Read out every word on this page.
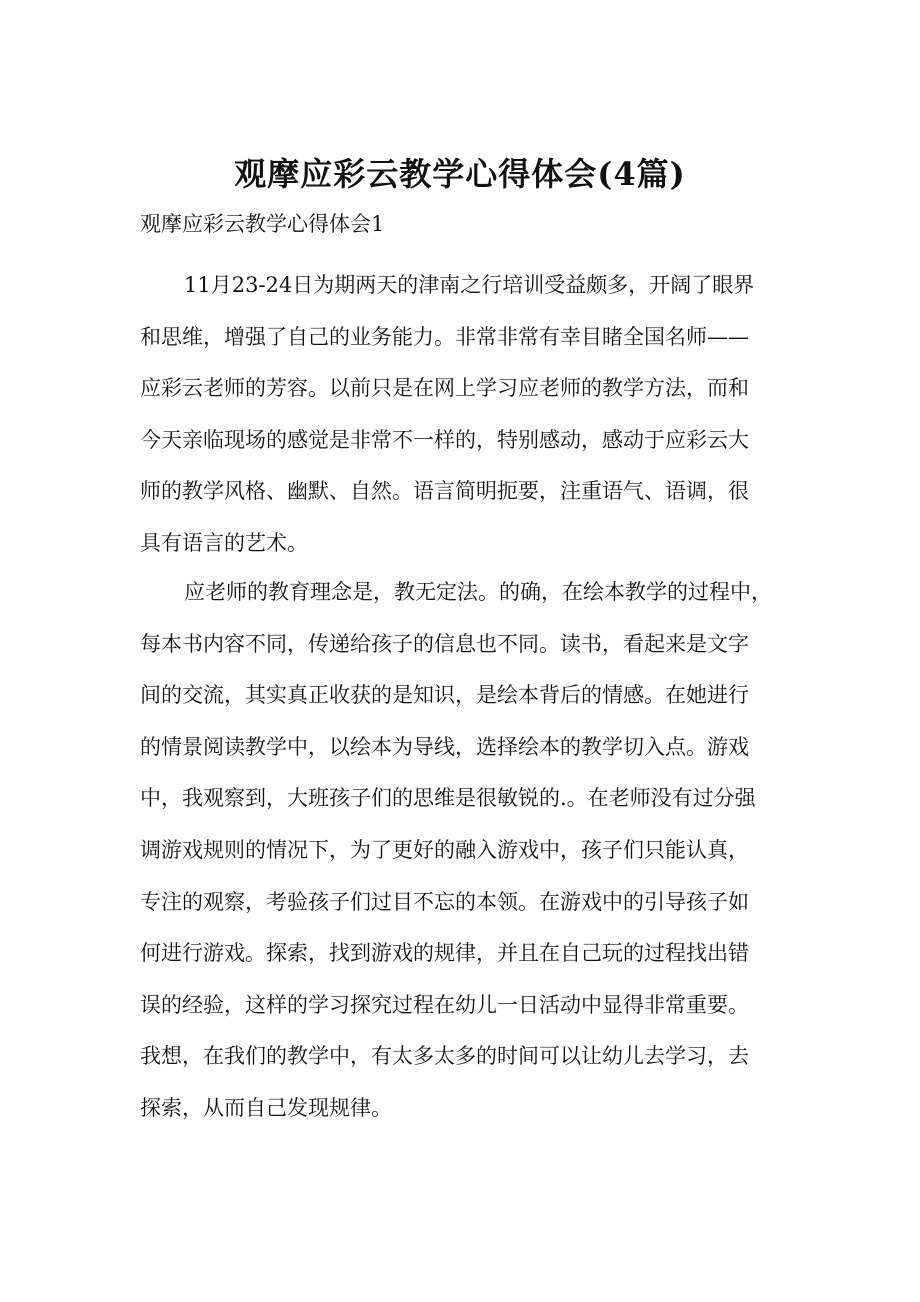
观摩应彩云教学心得体会(4篇)

观摩应彩云教学心得体会1

11月23-24日为期两天的津南之行培训受益颇多，开阔了眼界
和思维，增强了自己的业务能力。非常非常有幸目睹全国名师——
应彩云老师的芳容。以前只是在网上学习应老师的教学方法，而和
今天亲临现场的感觉是非常不一样的，特别感动，感动于应彩云大
师的教学风格、幽默、自然。语言简明扼要，注重语气、语调，很
具有语言的艺术。
应老师的教育理念是，教无定法。的确，在绘本教学的过程中，
每本书内容不同，传递给孩子的信息也不同。读书，看起来是文字
间的交流，其实真正收获的是知识，是绘本背后的情感。在她进行
的情景阅读教学中，以绘本为导线，选择绘本的教学切入点。游戏
中，我观察到，大班孩子们的思维是很敏锐的.。在老师没有过分强
调游戏规则的情况下，为了更好的融入游戏中，孩子们只能认真，
专注的观察，考验孩子们过目不忘的本领。在游戏中的引导孩子如
何进行游戏。探索，找到游戏的规律，并且在自己玩的过程找出错
误的经验，这样的学习探究过程在幼儿一日活动中显得非常重要。
我想，在我们的教学中，有太多太多的时间可以让幼儿去学习，去
探索，从而自己发现规律。
